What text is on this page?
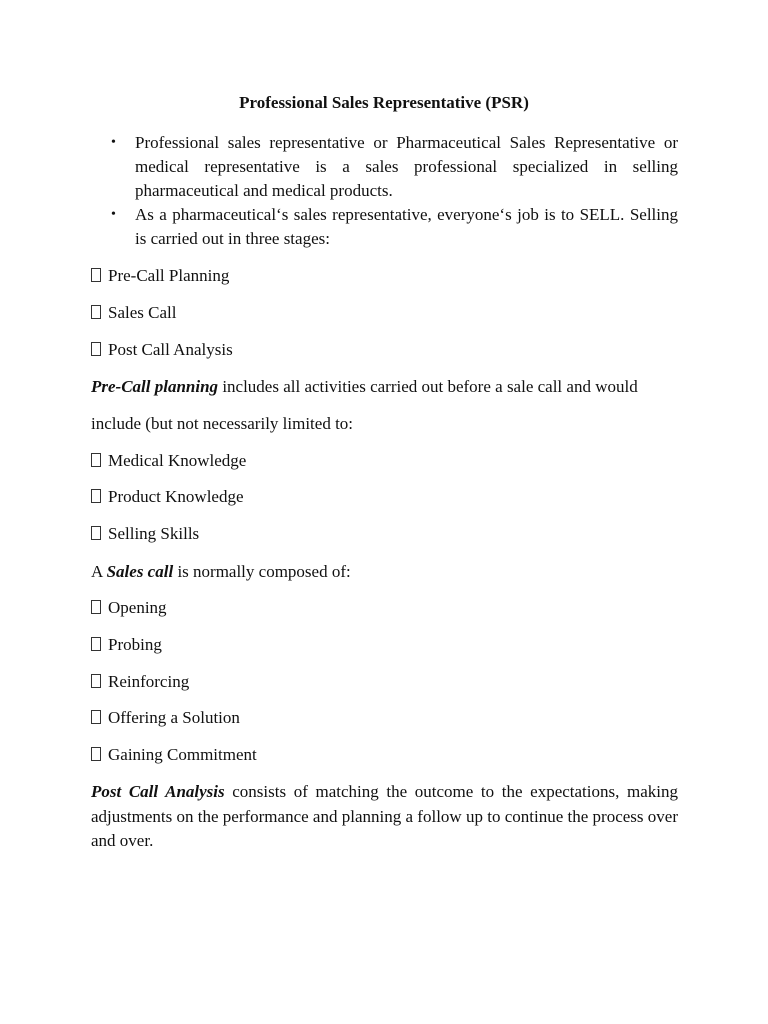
Professional Sales Representative (PSR)
• Professional sales representative or Pharmaceutical Sales Representative or medical representative is a sales professional specialized in selling pharmaceutical and medical products.
• As a pharmaceutical‘s sales representative, everyone‘s job is to SELL. Selling is carried out in three stages:
Pre-Call Planning
Sales Call
Post Call Analysis
Pre-Call planning includes all activities carried out before a sale call and would
include (but not necessarily limited to:
Medical Knowledge
Product Knowledge
Selling Skills
A Sales call is normally composed of:
Opening
Probing
Reinforcing
Offering a Solution
Gaining Commitment

Post Call Analysis consists of matching the outcome to the expectations, making adjustments on the performance and planning a follow up to continue the process over and over.
